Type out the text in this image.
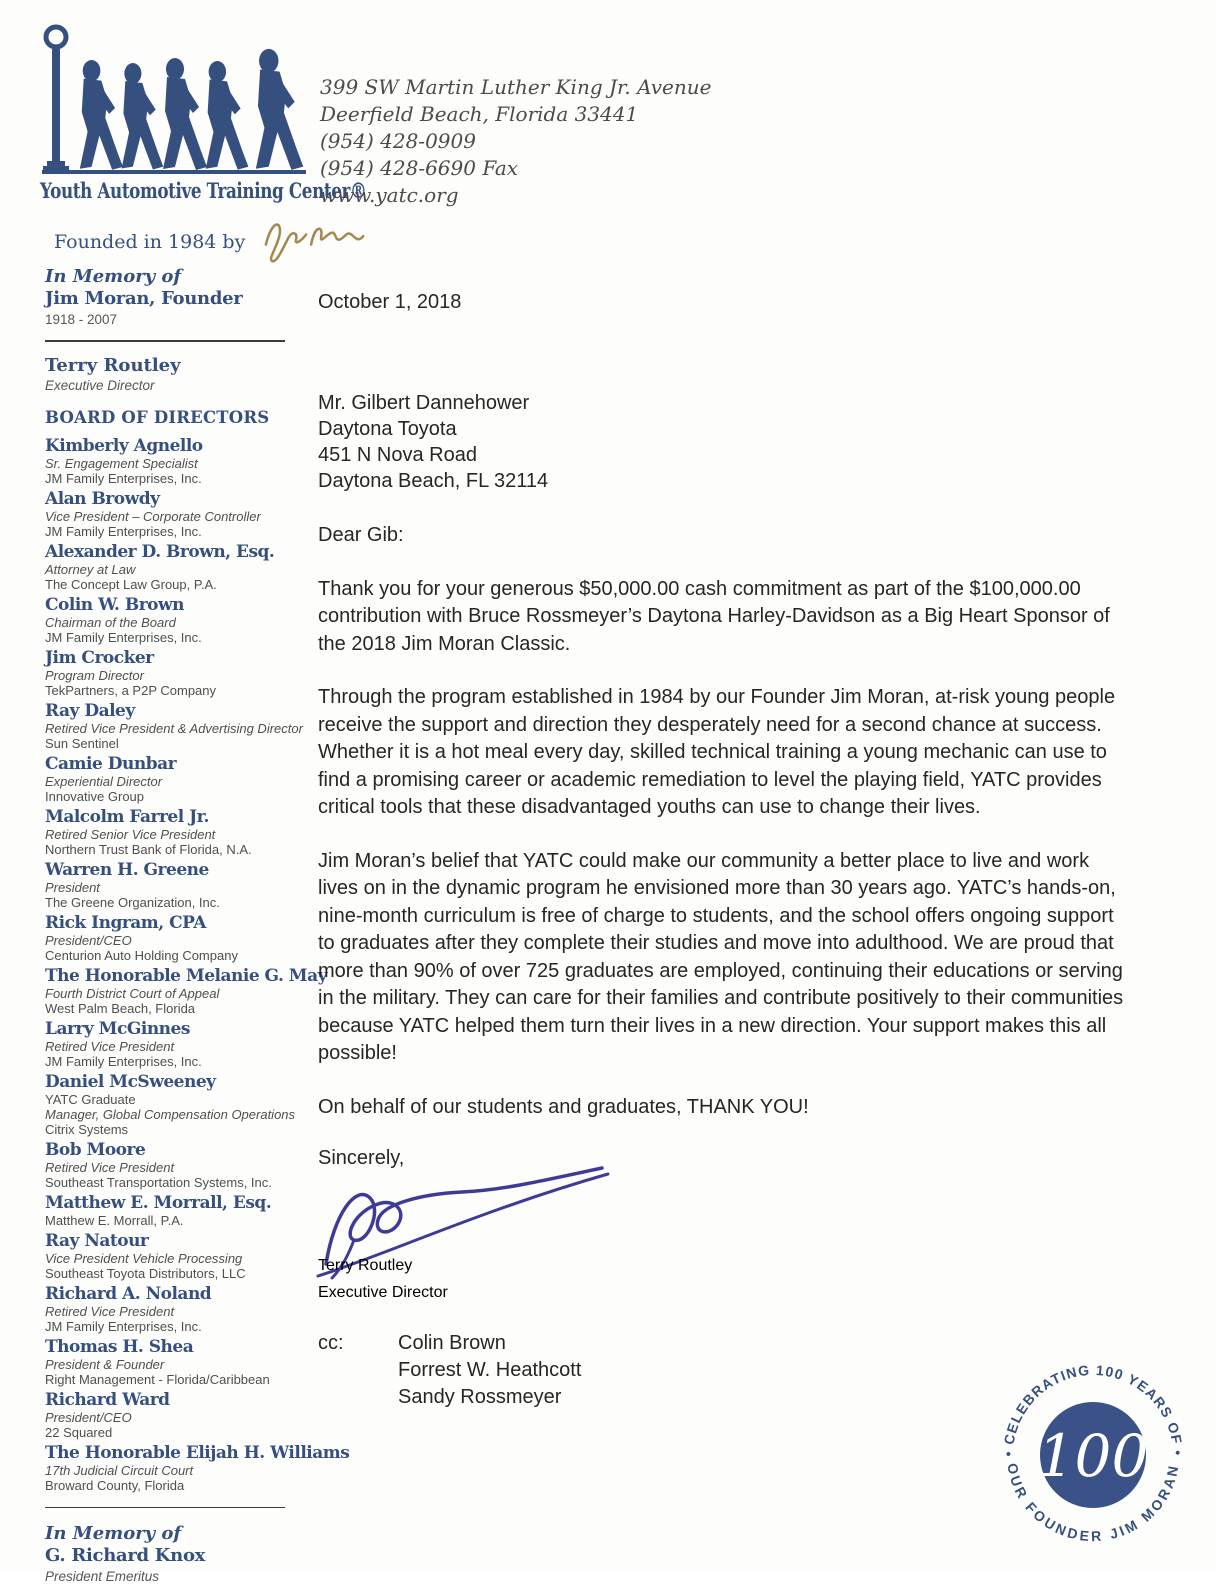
Youth Automotive Training Center®
Founded in 1984 by
399 SW Martin Luther King Jr. Avenue
Deerfield Beach, Florida 33441
(954) 428-0909
(954) 428-6690 Fax
www.yatc.org
In Memory of
Jim Moran, Founder
1918 - 2007
Terry Routley
Executive Director
BOARD OF DIRECTORS
Kimberly Agnello
Sr. Engagement Specialist
JM Family Enterprises, Inc.
Alan Browdy
Vice President – Corporate Controller
JM Family Enterprises, Inc.
Alexander D. Brown, Esq.
Attorney at Law
The Concept Law Group, P.A.
Colin W. Brown
Chairman of the Board
JM Family Enterprises, Inc.
Jim Crocker
Program Director
TekPartners, a P2P Company
Ray Daley
Retired Vice President & Advertising Director
Sun Sentinel
Camie Dunbar
Experiential Director
Innovative Group
Malcolm Farrel Jr.
Retired Senior Vice President
Northern Trust Bank of Florida, N.A.
Warren H. Greene
President
The Greene Organization, Inc.
Rick Ingram, CPA
President/CEO
Centurion Auto Holding Company
The Honorable Melanie G. May
Fourth District Court of Appeal
West Palm Beach, Florida
Larry McGinnes
Retired Vice President
JM Family Enterprises, Inc.
Daniel McSweeney
YATC Graduate
Manager, Global Compensation Operations
Citrix Systems
Bob Moore
Retired Vice President
Southeast Transportation Systems, Inc.
Matthew E. Morrall, Esq.
Matthew E. Morrall, P.A.
Ray Natour
Vice President Vehicle Processing
Southeast Toyota Distributors, LLC
Richard A. Noland
Retired Vice President
JM Family Enterprises, Inc.
Thomas H. Shea
President & Founder
Right Management - Florida/Caribbean
Richard Ward
President/CEO
22 Squared
The Honorable Elijah H. Williams
17th Judicial Circuit Court
Broward County, Florida
In Memory of
G. Richard Knox
President Emeritus
October 1, 2018
Mr. Gilbert Dannehower
Daytona Toyota
451 N Nova Road
Daytona Beach, FL 32114
Dear Gib:

Thank you for your generous $50,000.00 cash commitment as part of the $100,000.00 contribution with Bruce Rossmeyer’s Daytona Harley-Davidson as a Big Heart Sponsor of the 2018 Jim Moran Classic.

Through the program established in 1984 by our Founder Jim Moran, at-risk young people receive the support and direction they desperately need for a second chance at success. Whether it is a hot meal every day, skilled technical training a young mechanic can use to find a promising career or academic remediation to level the playing field, YATC provides critical tools that these disadvantaged youths can use to change their lives.

Jim Moran’s belief that YATC could make our community a better place to live and work lives on in the dynamic program he envisioned more than 30 years ago. YATC’s hands-on, nine-month curriculum is free of charge to students, and the school offers ongoing support to graduates after they complete their studies and move into adulthood. We are proud that more than 90% of over 725 graduates are employed, continuing their educations or serving in the military. They can care for their families and contribute positively to their communities because YATC helped them turn their lives in a new direction. Your support makes this all possible!

On behalf of our students and graduates, THANK YOU!
Sincerely,
Terry Routley
Executive Director
cc:	Colin Brown
Forrest W. Heathcott
Sandy Rossmeyer
• CELEBRATING 100 YEARS OF •
OUR FOUNDER JIM MORAN
100
